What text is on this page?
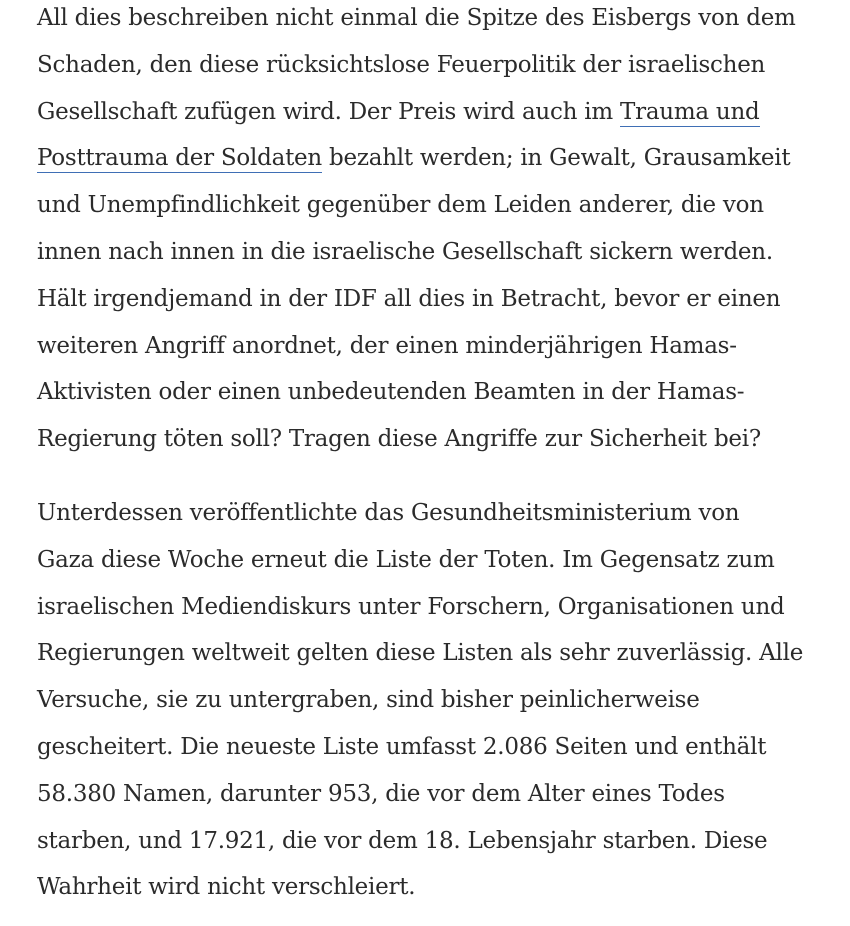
All dies beschreiben nicht einmal die Spitze des Eisbergs von dem
Schaden, den diese rücksichtslose Feuerpolitik der israelischen
Gesellschaft zufügen wird. Der Preis wird auch im Trauma und
Posttrauma der Soldaten bezahlt werden; in Gewalt, Grausamkeit
und Unempfindlichkeit gegenüber dem Leiden anderer, die von
innen nach innen in die israelische Gesellschaft sickern werden.
Hält irgendjemand in der IDF all dies in Betracht, bevor er einen
weiteren Angriff anordnet, der einen minderjährigen Hamas-
Aktivisten oder einen unbedeutenden Beamten in der Hamas-
Regierung töten soll? Tragen diese Angriffe zur Sicherheit bei?

Unterdessen veröffentlichte das Gesundheitsministerium von
Gaza diese Woche erneut die Liste der Toten. Im Gegensatz zum
israelischen Mediendiskurs unter Forschern, Organisationen und
Regierungen weltweit gelten diese Listen als sehr zuverlässig. Alle
Versuche, sie zu untergraben, sind bisher peinlicherweise
gescheitert. Die neueste Liste umfasst 2.086 Seiten und enthält
58.380 Namen, darunter 953, die vor dem Alter eines Todes
starben, und 17.921, die vor dem 18. Lebensjahr starben. Diese
Wahrheit wird nicht verschleiert.
